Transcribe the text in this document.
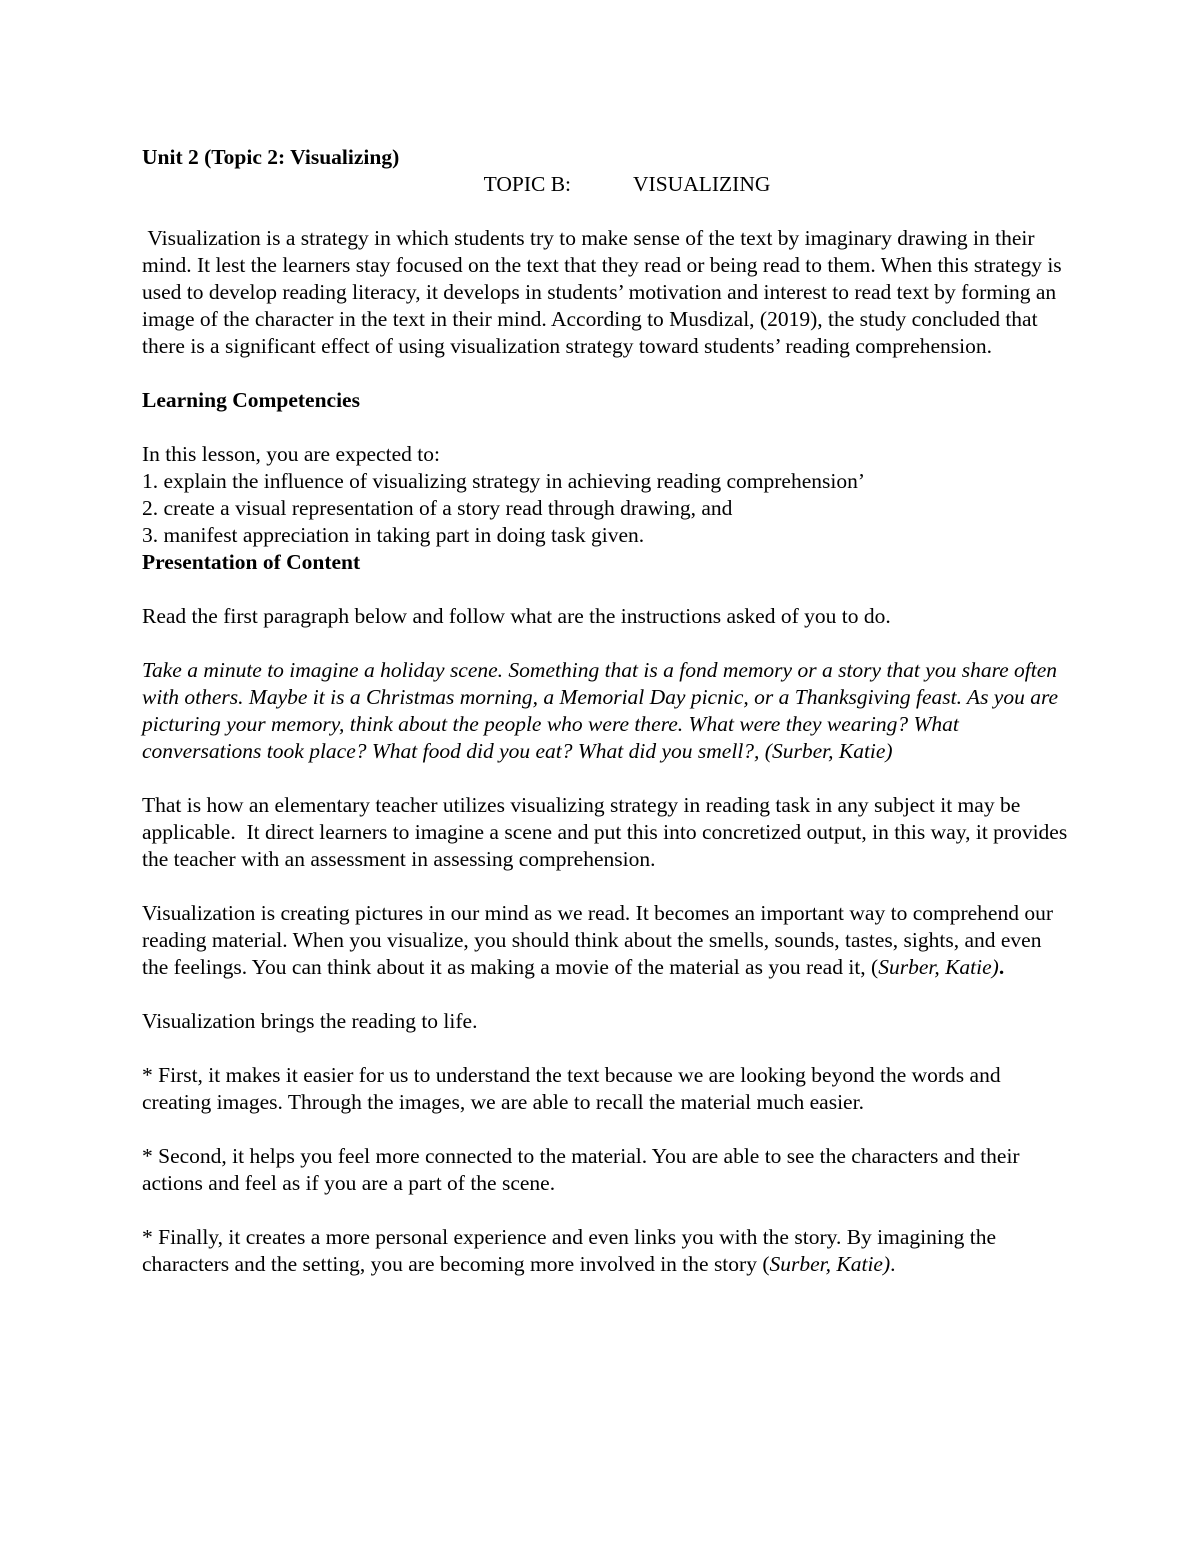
Unit 2 (Topic 2: Visualizing)

TOPIC B:	VISUALIZING

Visualization is a strategy in which students try to make sense of the text by imaginary drawing in their mind. It lest the learners stay focused on the text that they read or being read to them. When this strategy is used to develop reading literacy, it develops in students’ motivation and interest to read text by forming an image of the character in the text in their mind. According to Musdizal, (2019), the study concluded that there is a significant effect of using visualization strategy toward students’ reading comprehension.

Learning Competencies

In this lesson, you are expected to:

1. explain the influence of visualizing strategy in achieving reading comprehension’

2. create a visual representation of a story read through drawing, and

3. manifest appreciation in taking part in doing task given.

Presentation of Content

Read the first paragraph below and follow what are the instructions asked of you to do.

Take a minute to imagine a holiday scene. Something that is a fond memory or a story that you share often with others. Maybe it is a Christmas morning, a Memorial Day picnic, or a Thanksgiving feast. As you are picturing your memory, think about the people who were there. What were they wearing? What conversations took place? What food did you eat? What did you smell?, (Surber, Katie)

That is how an elementary teacher utilizes visualizing strategy in reading task in any subject it may be applicable.  It direct learners to imagine a scene and put this into concretized output, in this way, it provides the teacher with an assessment in assessing comprehension.

Visualization is creating pictures in our mind as we read. It becomes an important way to comprehend our reading material. When you visualize, you should think about the smells, sounds, tastes, sights, and even the feelings. You can think about it as making a movie of the material as you read it, (Surber, Katie).

Visualization brings the reading to life.

* First, it makes it easier for us to understand the text because we are looking beyond the words and creating images. Through the images, we are able to recall the material much easier.

* Second, it helps you feel more connected to the material. You are able to see the characters and their actions and feel as if you are a part of the scene.

* Finally, it creates a more personal experience and even links you with the story. By imagining the characters and the setting, you are becoming more involved in the story (Surber, Katie).
